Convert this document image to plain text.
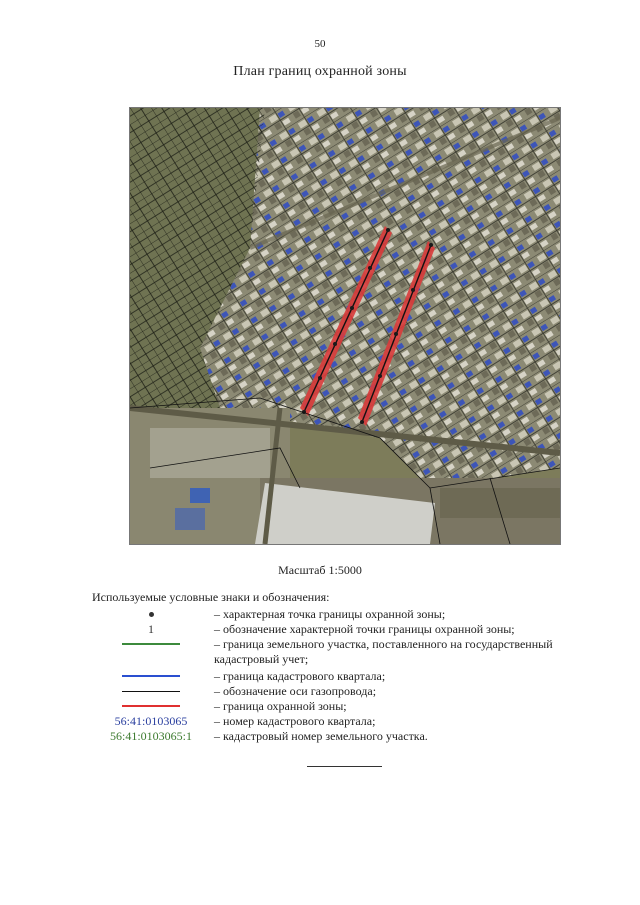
50
План границ охранной зоны
Масштаб 1:5000
Используемые условные знаки и обозначения:
– характерная точка границы охранной зоны;
1	– обозначение характерной точки границы охранной зоны;
– граница земельного участка, поставленного на государственный кадастровый учет;
– граница кадастрового квартала;
– обозначение оси газопровода;
– граница охранной зоны;
56:41:0103065 – номер кадастрового квартала;
56:41:0103065:1 – кадастровый номер земельного участка.
